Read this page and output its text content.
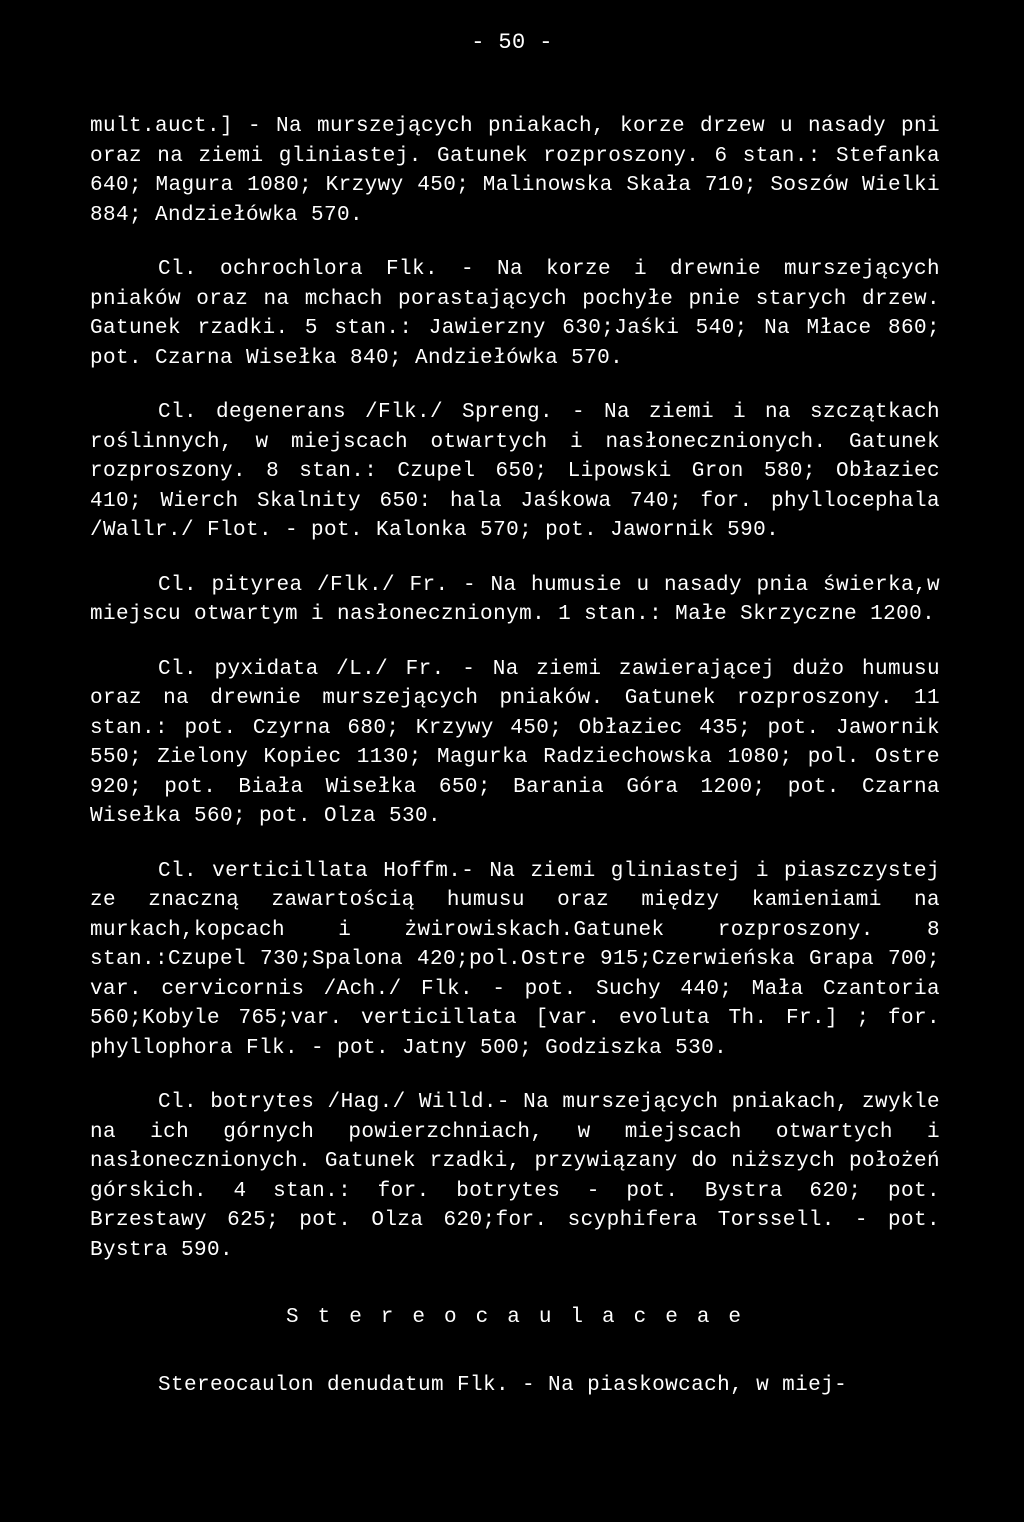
- 50 -

mult.auct.] - Na murszejących pniakach, korze drzew u nasady pni oraz na ziemi gliniastej. Gatunek rozproszony. 6 stan.: Stefanka 640; Magura 1080; Krzywy 450; Malinowska Skała 710; Soszów Wielki 884; Andziełówka 570.

Cl. ochrochlora Flk. - Na korze i drewnie murszejących pniaków oraz na mchach porastających pochyłe pnie starych drzew. Gatunek rzadki. 5 stan.: Jawierzny 630;Jaśki 540; Na Młace 860; pot. Czarna Wisełka 840; Andziełówka 570.

Cl. degenerans /Flk./ Spreng. - Na ziemi i na szczątkach roślinnych, w miejscach otwartych i nasłonecznionych. Gatunek rozproszony. 8 stan.: Czupel 650; Lipowski Gron 580; Obłaziec 410; Wierch Skalnity 650: hala Jaśkowa 740; for. phyllocephala /Wallr./ Flot. - pot. Kalonka 570; pot. Jawornik 590.

Cl. pityrea /Flk./ Fr. - Na humusie u nasady pnia świerka,w miejscu otwartym i nasłonecznionym. 1 stan.: Małe Skrzyczne 1200.

Cl. pyxidata /L./ Fr. - Na ziemi zawierającej dużo humusu oraz na drewnie murszejących pniaków. Gatunek rozproszony. 11 stan.: pot. Czyrna 680; Krzywy 450; Obłaziec 435; pot. Jawornik 550; Zielony Kopiec 1130; Magurka Radziechowska 1080; pol. Ostre 920; pot. Biała Wisełka 650; Barania Góra 1200; pot. Czarna Wisełka 560; pot. Olza 530.

Cl. verticillata Hoffm.- Na ziemi gliniastej i piaszczystej ze znaczną zawartością humusu oraz między kamieniami na murkach,kopcach i żwirowiskach.Gatunek rozproszony. 8 stan.:Czupel 730;Spalona 420;pol.Ostre 915;Czerwieńska Grapa 700; var. cervicornis /Ach./ Flk. - pot. Suchy 440; Mała Czantoria 560;Kobyle 765;var. verticillata [var. evoluta Th. Fr.] ; for. phyllophora Flk. - pot. Jatny 500; Godziszka 530.

Cl. botrytes /Hag./ Willd.- Na murszejących pniakach, zwykle na ich górnych powierzchniach, w miejscach otwartych i nasłonecznionych. Gatunek rzadki, przywiązany do niższych położeń górskich. 4 stan.: for. botrytes - pot. Bystra 620; pot. Brzestawy 625; pot. Olza 620;for. scyphifera Torssell. - pot. Bystra 590.

Stereocaulaceae
Stereocaulon denudatum Flk. - Na piaskowcach, w miej-
